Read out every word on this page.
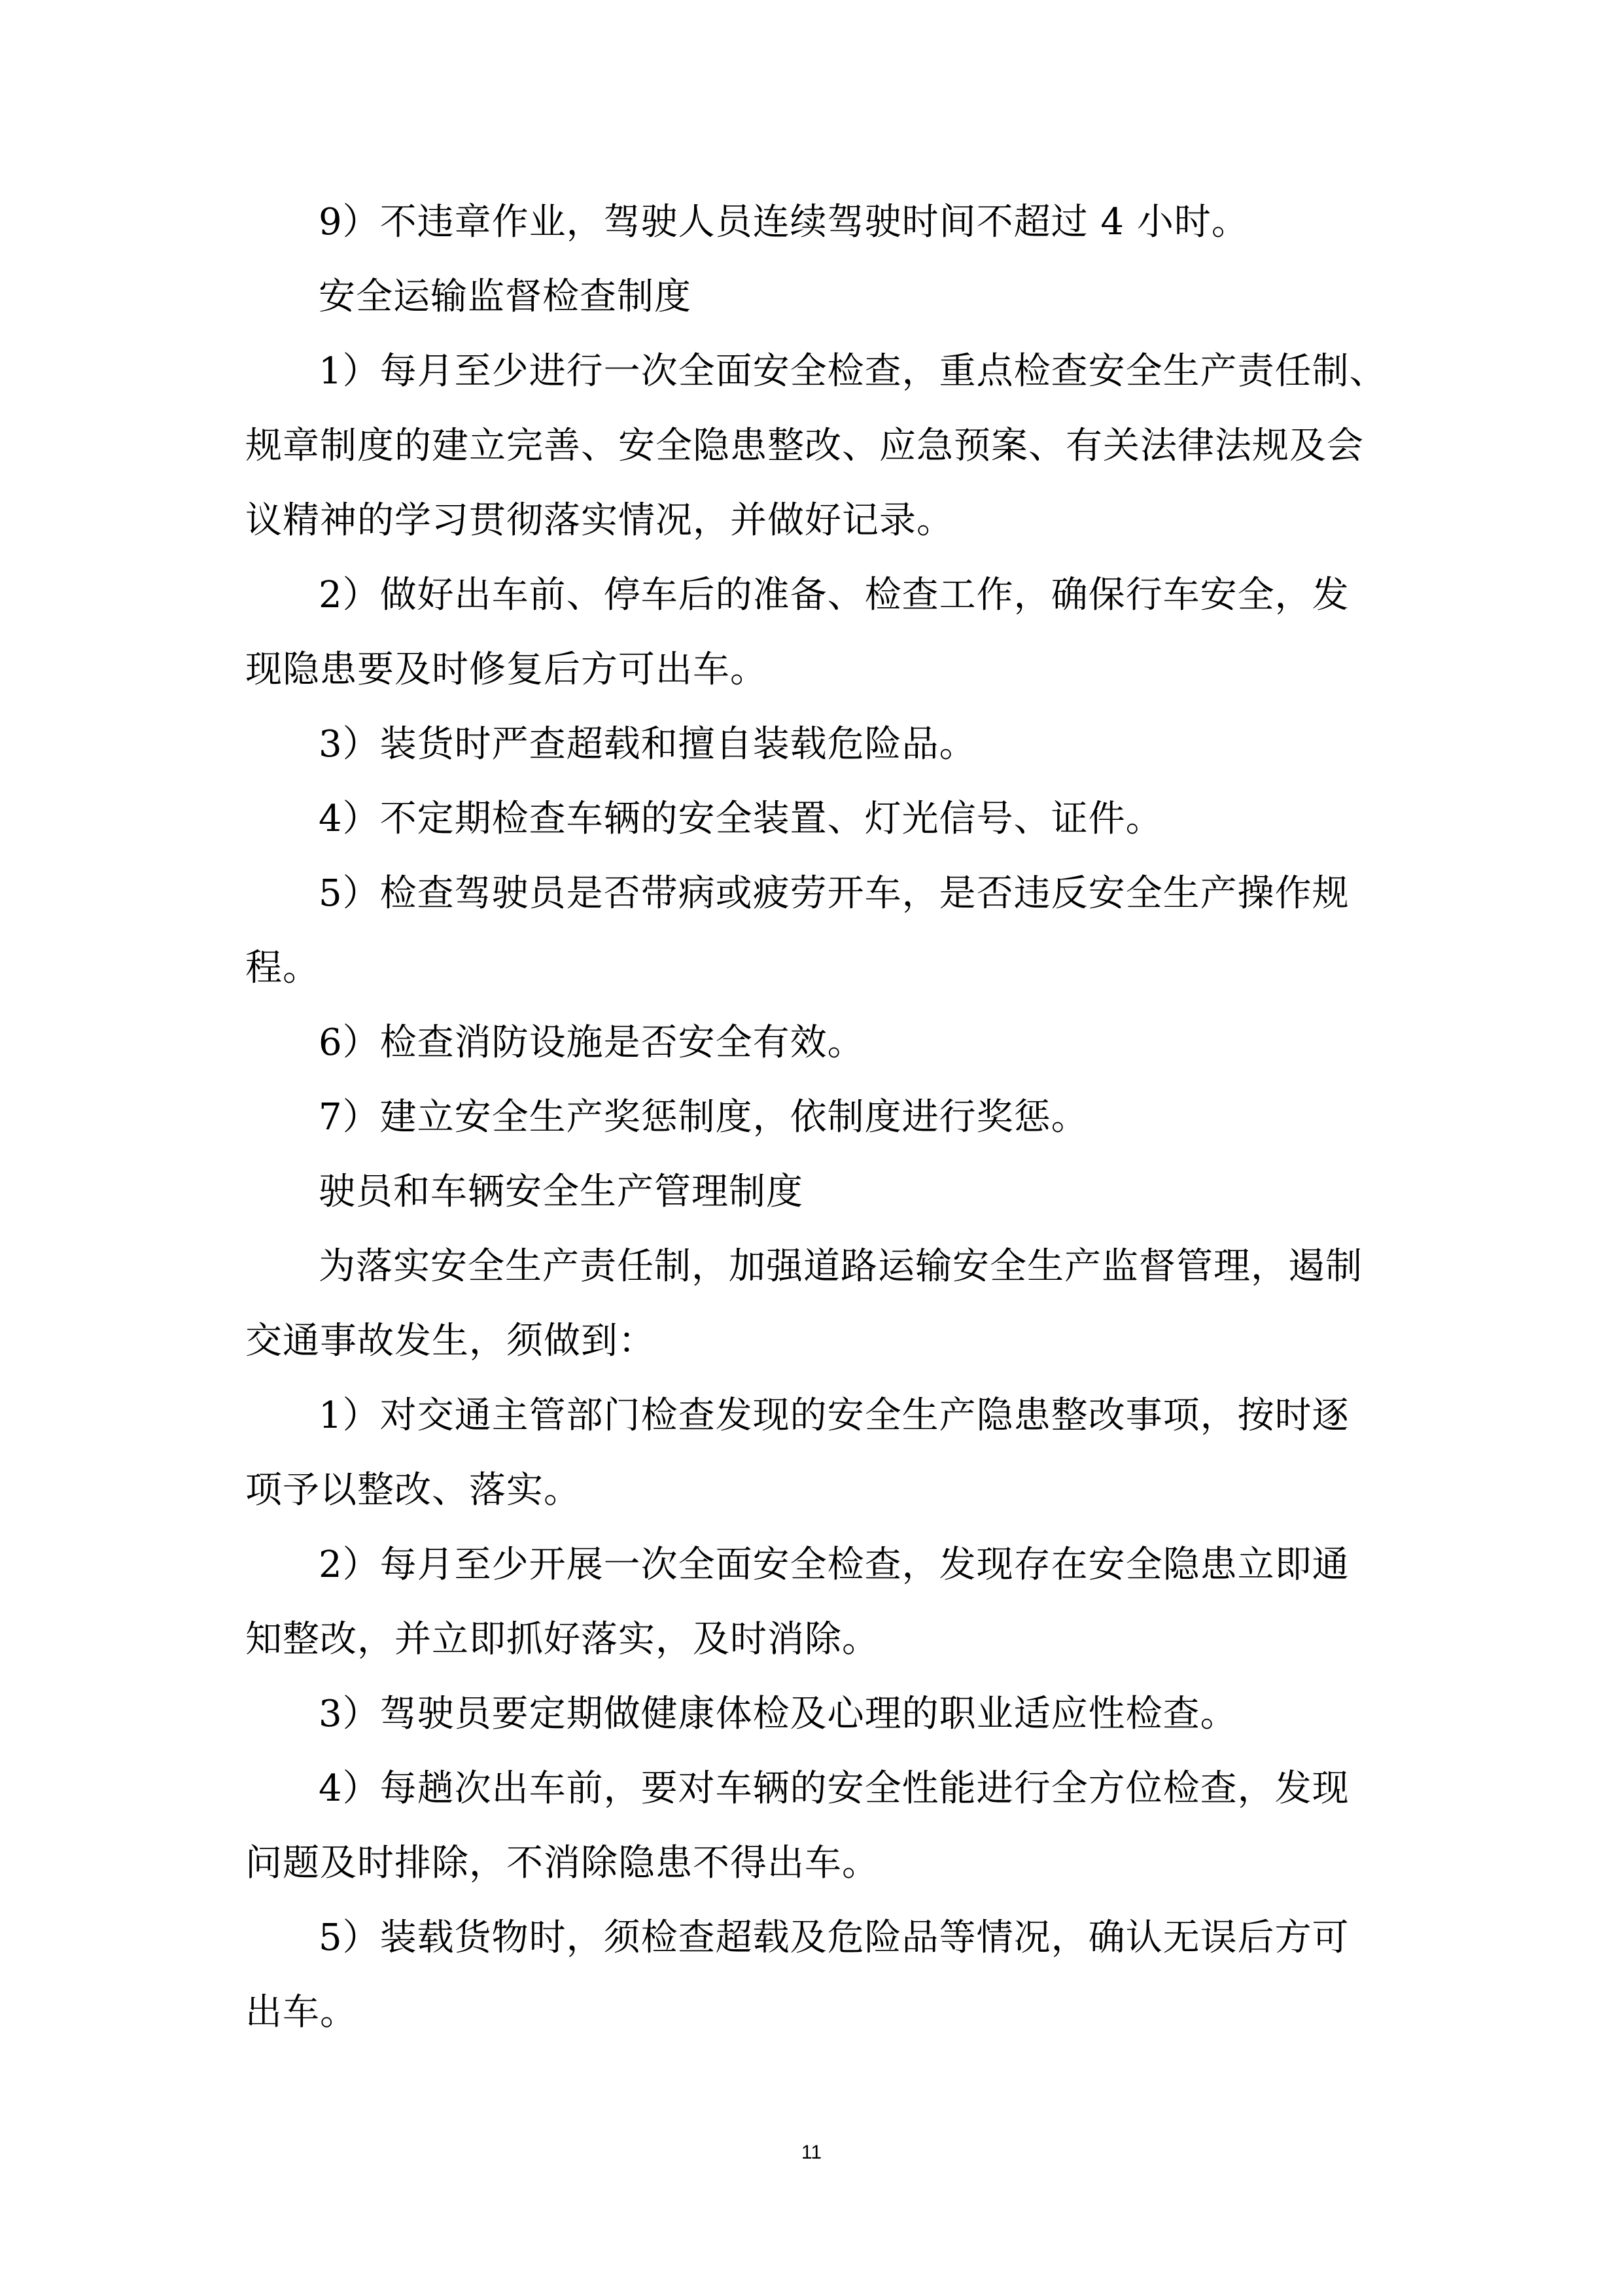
9）不违章作业，驾驶人员连续驾驶时间不超过 4 小时。
安全运输监督检查制度
1）每月至少进行一次全面安全检查，重点检查安全生产责任制、
规章制度的建立完善、安全隐患整改、应急预案、有关法律法规及会
议精神的学习贯彻落实情况，并做好记录。
2）做好出车前、停车后的准备、检查工作，确保行车安全，发
现隐患要及时修复后方可出车。
3）装货时严查超载和擅自装载危险品。
4）不定期检查车辆的安全装置、灯光信号、证件。
5）检查驾驶员是否带病或疲劳开车，是否违反安全生产操作规
程。
6）检查消防设施是否安全有效。
7）建立安全生产奖惩制度，依制度进行奖惩。
驶员和车辆安全生产管理制度
为落实安全生产责任制，加强道路运输安全生产监督管理，遏制
交通事故发生，须做到：
1）对交通主管部门检查发现的安全生产隐患整改事项，按时逐
项予以整改、落实。
2）每月至少开展一次全面安全检查，发现存在安全隐患立即通
知整改，并立即抓好落实，及时消除。
3）驾驶员要定期做健康体检及心理的职业适应性检查。
4）每趟次出车前，要对车辆的安全性能进行全方位检查，发现
问题及时排除，不消除隐患不得出车。
5）装载货物时，须检查超载及危险品等情况，确认无误后方可
出车。
11
